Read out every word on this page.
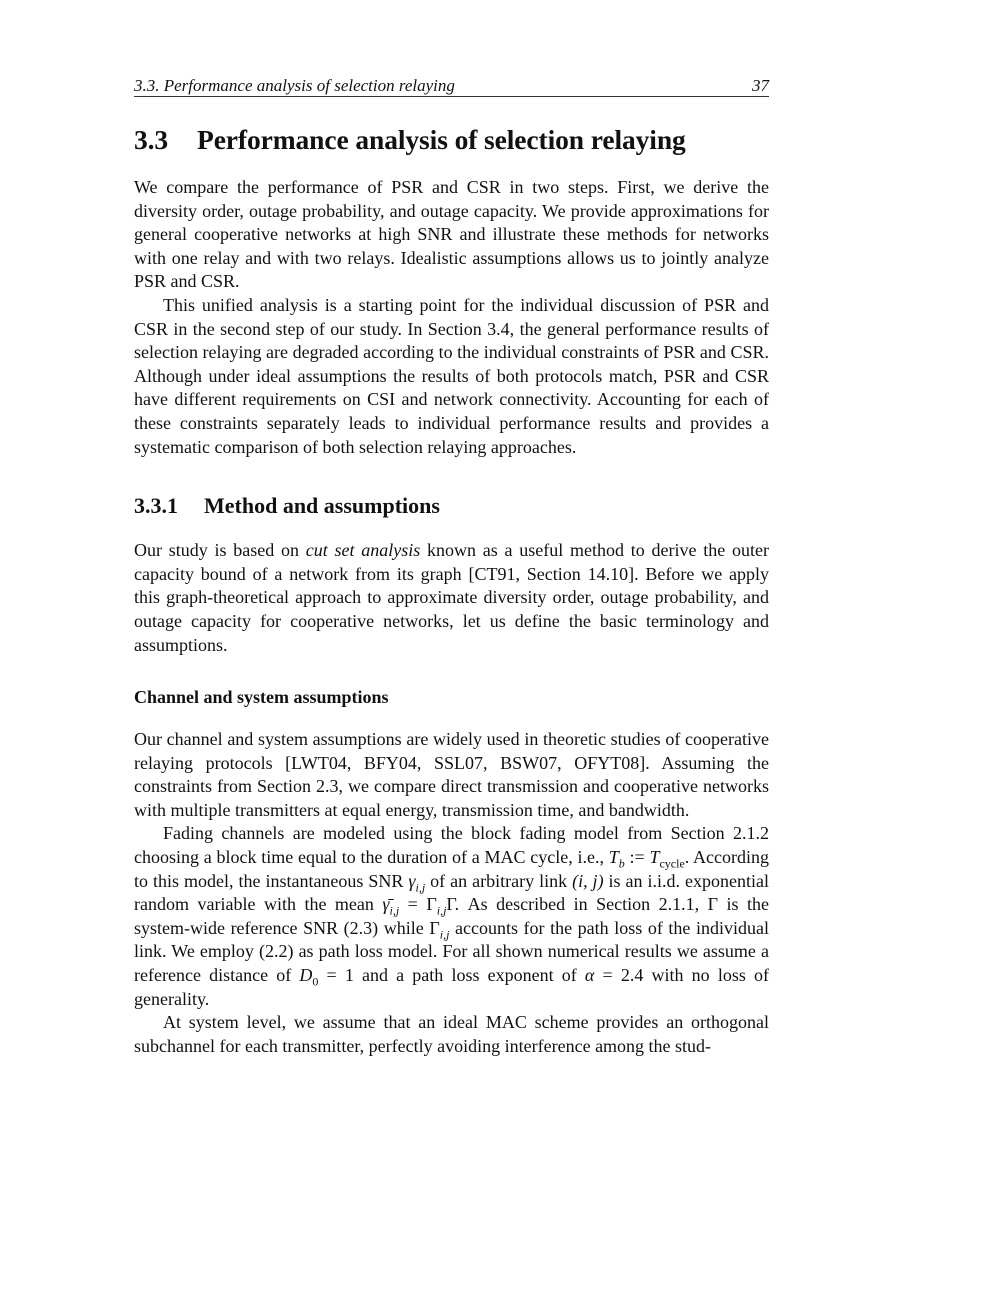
3.3. Performance analysis of selection relaying	37
3.3 Performance analysis of selection relaying

We compare the performance of PSR and CSR in two steps. First, we derive the diversity order, outage probability, and outage capacity. We provide approximations for general cooperative networks at high SNR and illustrate these methods for networks with one relay and with two relays. Idealistic assumptions allows us to jointly analyze PSR and CSR.

This unified analysis is a starting point for the individual discussion of PSR and CSR in the second step of our study. In Section 3.4, the general performance results of selection relaying are degraded according to the individual constraints of PSR and CSR. Although under ideal assumptions the results of both protocols match, PSR and CSR have different requirements on CSI and network connectivity. Accounting for each of these constraints separately leads to individual performance results and provides a systematic comparison of both selection relaying approaches.

3.3.1 Method and assumptions

Our study is based on cut set analysis known as a useful method to derive the outer capacity bound of a network from its graph [CT91, Section 14.10]. Before we apply this graph-theoretical approach to approximate diversity order, outage probability, and outage capacity for cooperative networks, let us define the basic terminology and assumptions.

Channel and system assumptions

Our channel and system assumptions are widely used in theoretic studies of cooperative relaying protocols [LWT04, BFY04, SSL07, BSW07, OFYT08]. Assuming the constraints from Section 2.3, we compare direct transmission and cooperative networks with multiple transmitters at equal energy, transmission time, and bandwidth.

Fading channels are modeled using the block fading model from Section 2.1.2 choosing a block time equal to the duration of a MAC cycle, i.e., $T_b$ := $T_{cycle}$. According to this model, the instantaneous SNR $\gamma_{i,j}$ of an arbitrary link (i, j) is an i.i.d. exponential random variable with the mean $\gammā_{i,j} = \Gamma_{i,j}\Gamma$. As described in Section 2.1.1, Γ is the system-wide reference SNR (2.3) while $\Gamma_{i,j}$ accounts for the path loss of the individual link. We employ (2.2) as path loss model. For all shown numerical results we assume a reference distance of $D_0 = 1$ and a path loss exponent of α = 2.4 with no loss of generality.

At system level, we assume that an ideal MAC scheme provides an orthogonal subchannel for each transmitter, perfectly avoiding interference among the stud-
